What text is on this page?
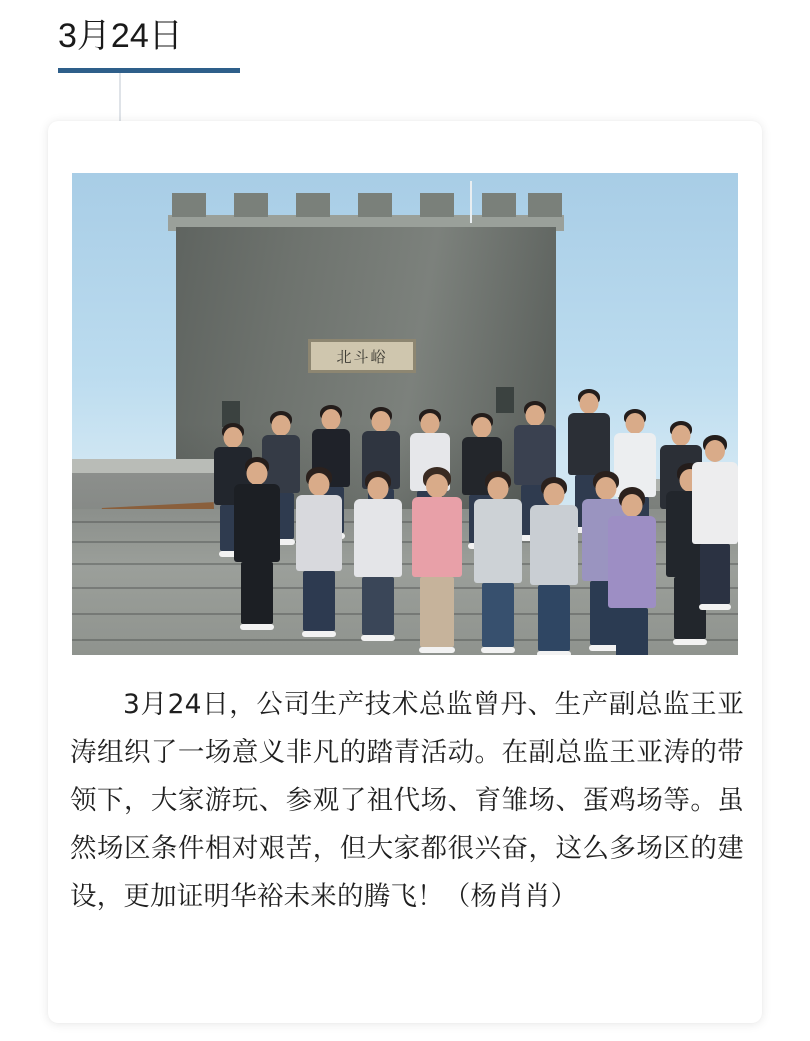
3月24日
北斗峪
3月24日，公司生产技术总监曾丹、生产副总监王亚涛组织了一场意义非凡的踏青活动。在副总监王亚涛的带领下，大家游玩、参观了祖代场、育雏场、蛋鸡场等。虽然场区条件相对艰苦，但大家都很兴奋，这么多场区的建设，更加证明华裕未来的腾飞！（杨肖肖）
